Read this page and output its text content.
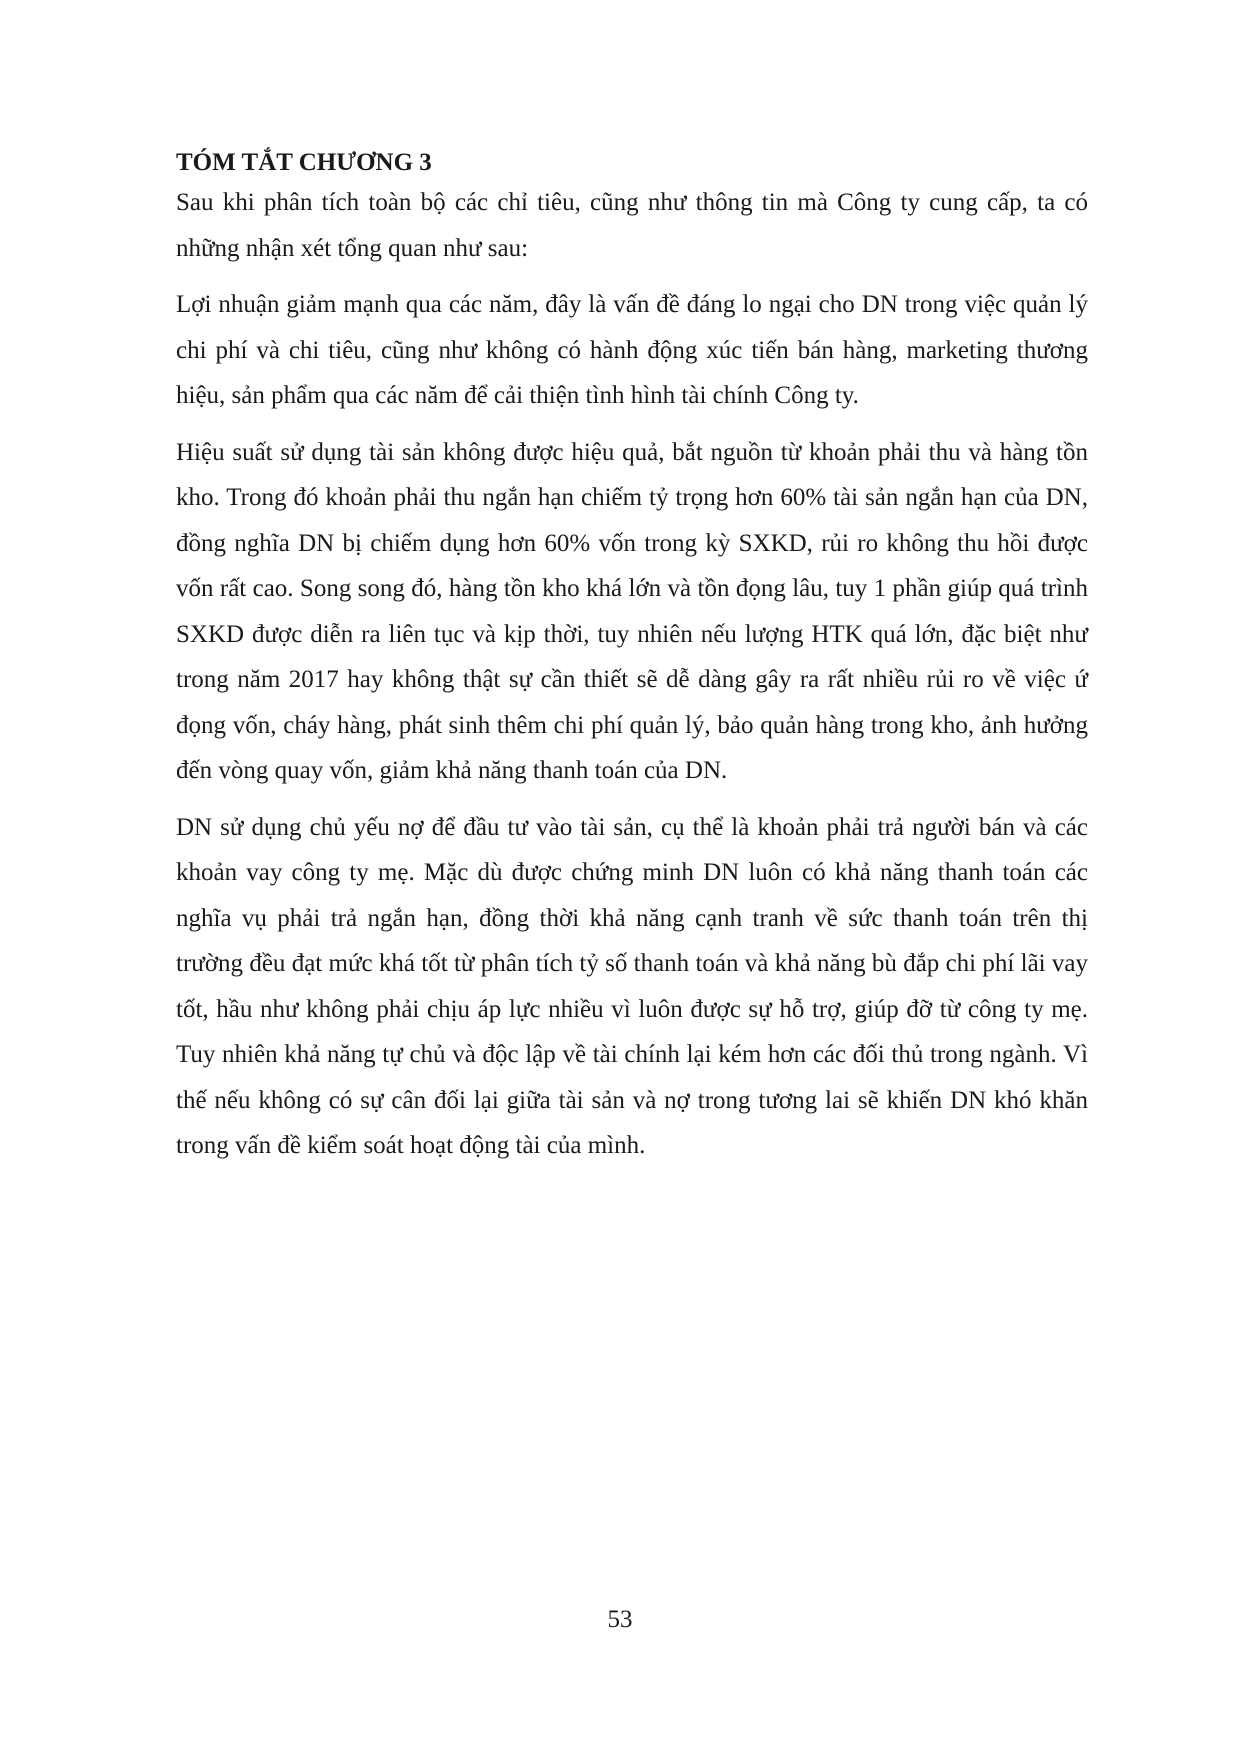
TÓM TẮT CHƯƠNG 3

Sau khi phân tích toàn bộ các chỉ tiêu, cũng như thông tin mà Công ty cung cấp, ta có những nhận xét tổng quan như sau:

Lợi nhuận giảm mạnh qua các năm, đây là vấn đề đáng lo ngại cho DN trong việc quản lý chi phí và chi tiêu, cũng như không có hành động xúc tiến bán hàng, marketing thương hiệu, sản phẩm qua các năm để cải thiện tình hình tài chính Công ty.

Hiệu suất sử dụng tài sản không được hiệu quả, bắt nguồn từ khoản phải thu và hàng tồn kho. Trong đó khoản phải thu ngắn hạn chiếm tỷ trọng hơn 60% tài sản ngắn hạn của DN, đồng nghĩa DN bị chiếm dụng hơn 60% vốn trong kỳ SXKD, rủi ro không thu hồi được vốn rất cao. Song song đó, hàng tồn kho khá lớn và tồn đọng lâu, tuy 1 phần giúp quá trình SXKD được diễn ra liên tục và kịp thời, tuy nhiên nếu lượng HTK quá lớn, đặc biệt như trong năm 2017 hay không thật sự cần thiết sẽ dễ dàng gây ra rất nhiều rủi ro về việc ứ đọng vốn, cháy hàng, phát sinh thêm chi phí quản lý, bảo quản hàng trong kho, ảnh hưởng đến vòng quay vốn, giảm khả năng thanh toán của DN.

DN sử dụng chủ yếu nợ để đầu tư vào tài sản, cụ thể là khoản phải trả người bán và các khoản vay công ty mẹ. Mặc dù được chứng minh DN luôn có khả năng thanh toán các nghĩa vụ phải trả ngắn hạn, đồng thời khả năng cạnh tranh về sức thanh toán trên thị trường đều đạt mức khá tốt từ phân tích tỷ số thanh toán và khả năng bù đắp chi phí lãi vay tốt, hầu như không phải chịu áp lực nhiều vì luôn được sự hỗ trợ, giúp đỡ từ công ty mẹ. Tuy nhiên khả năng tự chủ và độc lập về tài chính lại kém hơn các đối thủ trong ngành. Vì thế nếu không có sự cân đối lại giữa tài sản và nợ trong tương lai sẽ khiến DN khó khăn trong vấn đề kiểm soát hoạt động tài của mình.

53
